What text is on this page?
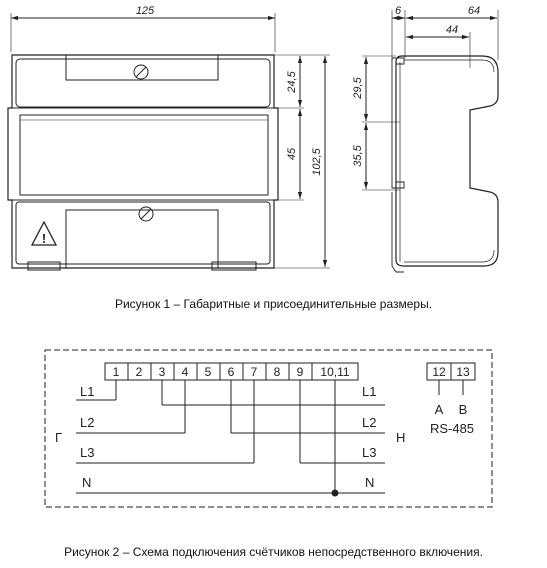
!
125
24,5
45 102,5
6	64
44
29,5
35,5
1 2 3 4 5 6 7 8 9 10,11	12 13
A B
RS-485
L1
L2
L3
N
Г
L1
L2
L3
N
Н
Рисунок 1 – Габаритные и присоединительные размеры.
Рисунок 2 – Схема подключения счётчиков непосредственного включения.
